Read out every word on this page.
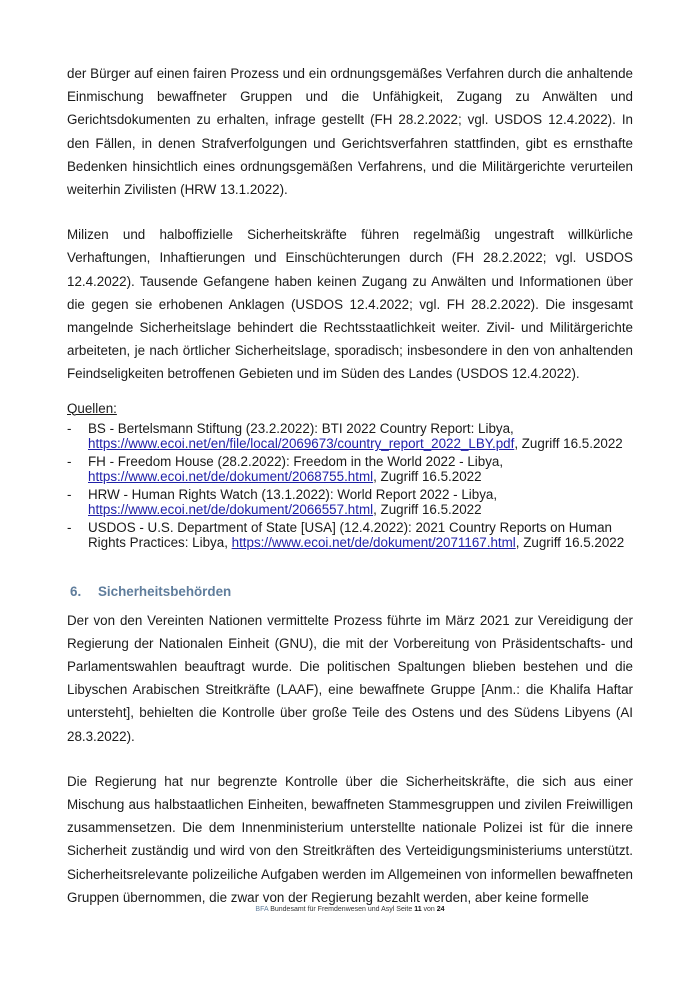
der Bürger auf einen fairen Prozess und ein ordnungsgemäßes Verfahren durch die anhaltende Einmischung bewaffneter Gruppen und die Unfähigkeit, Zugang zu Anwälten und Gerichtsdokumenten zu erhalten, infrage gestellt (FH 28.2.2022; vgl. USDOS 12.4.2022). In den Fällen, in denen Strafverfolgungen und Gerichtsverfahren stattfinden, gibt es ernsthafte Bedenken hinsichtlich eines ordnungsgemäßen Verfahrens, und die Militärgerichte verurteilen weiterhin Zivilisten (HRW 13.1.2022).

Milizen und halboffizielle Sicherheitskräfte führen regelmäßig ungestraft willkürliche Verhaftungen, Inhaftierungen und Einschüchterungen durch (FH 28.2.2022; vgl. USDOS 12.4.2022). Tausende Gefangene haben keinen Zugang zu Anwälten und Informationen über die gegen sie erhobenen Anklagen (USDOS 12.4.2022; vgl. FH 28.2.2022). Die insgesamt mangelnde Sicherheitslage behindert die Rechtsstaatlichkeit weiter. Zivil- und Militärgerichte arbeiteten, je nach örtlicher Sicherheitslage, sporadisch; insbesondere in den von anhaltenden Feindseligkeiten betroffenen Gebieten und im Süden des Landes (USDOS 12.4.2022).

Quellen:

- BS - Bertelsmann Stiftung (23.2.2022): BTI 2022 Country Report: Libya,
https://www.ecoi.net/en/file/local/2069673/country_report_2022_LBY.pdf, Zugriff 16.5.2022
- FH - Freedom House (28.2.2022): Freedom in the World 2022 - Libya,
https://www.ecoi.net/de/dokument/2068755.html, Zugriff 16.5.2022
- HRW - Human Rights Watch (13.1.2022): World Report 2022 - Libya,
https://www.ecoi.net/de/dokument/2066557.html, Zugriff 16.5.2022
- USDOS - U.S. Department of State [USA] (12.4.2022): 2021 Country Reports on Human Rights Practices: Libya, https://www.ecoi.net/de/dokument/2071167.html, Zugriff 16.5.2022
6.	Sicherheitsbehörden

Der von den Vereinten Nationen vermittelte Prozess führte im März 2021 zur Vereidigung der Regierung der Nationalen Einheit (GNU), die mit der Vorbereitung von Präsidentschafts- und Parlamentswahlen beauftragt wurde. Die politischen Spaltungen blieben bestehen und die Libyschen Arabischen Streitkräfte (LAAF), eine bewaffnete Gruppe [Anm.: die Khalifa Haftar untersteht], behielten die Kontrolle über große Teile des Ostens und des Südens Libyens (AI 28.3.2022).

Die Regierung hat nur begrenzte Kontrolle über die Sicherheitskräfte, die sich aus einer Mischung aus halbstaatlichen Einheiten, bewaffneten Stammesgruppen und zivilen Freiwilligen zusammensetzen. Die dem Innenministerium unterstellte nationale Polizei ist für die innere Sicherheit zuständig und wird von den Streitkräften des Verteidigungsministeriums unterstützt. Sicherheitsrelevante polizeiliche Aufgaben werden im Allgemeinen von informellen bewaffneten Gruppen übernommen, die zwar von der Regierung bezahlt werden, aber keine formelle

BFA Bundesamt für Fremdenwesen und Asyl Seite 11 von 24
